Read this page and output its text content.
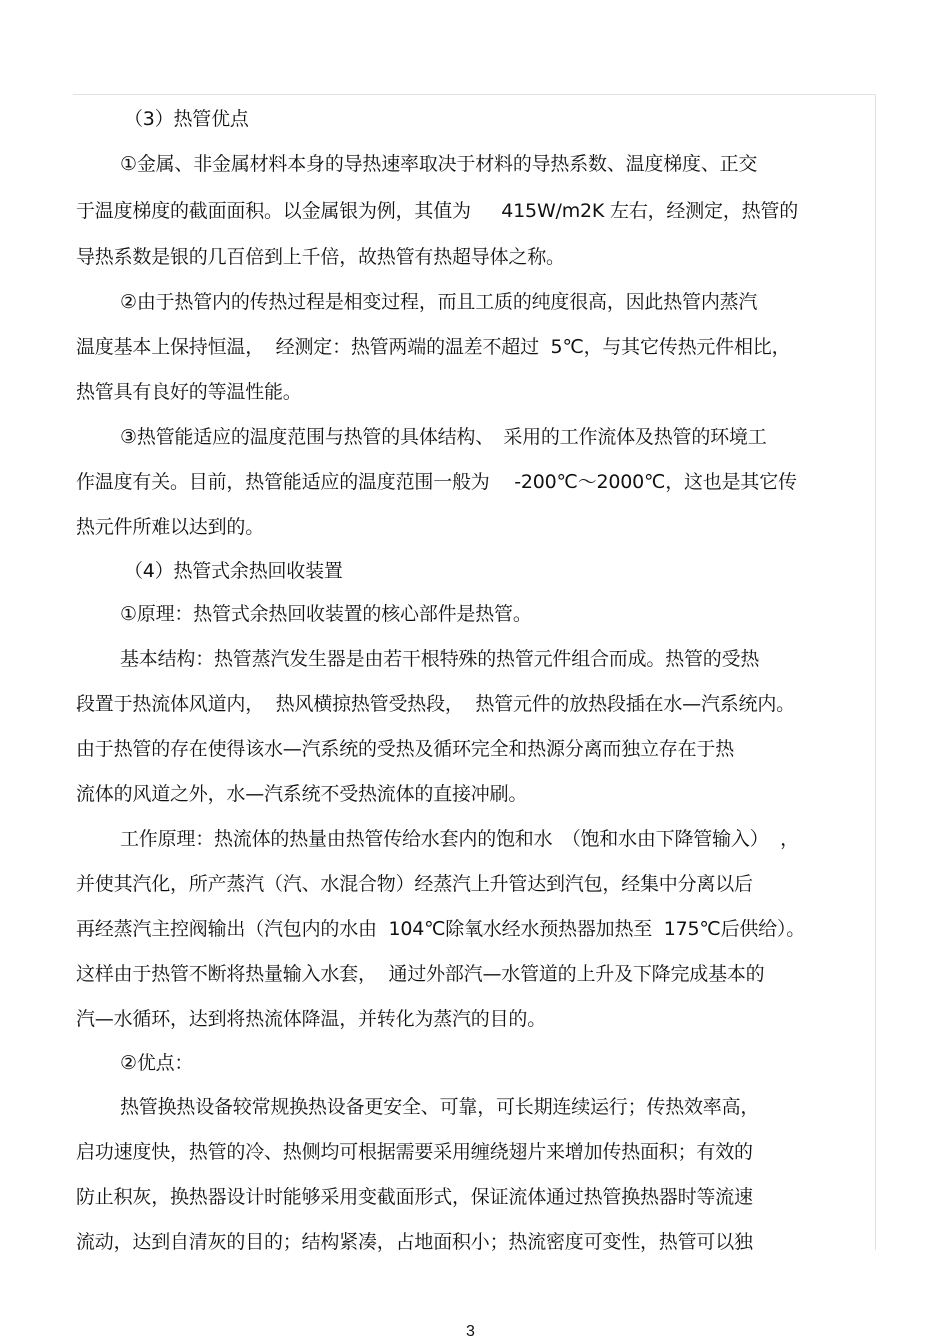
（3）热管优点
①金属、非金属材料本身的导热速率取决于材料的导热系数、温度梯度、正交
于温度梯度的截面面积。以金属银为例，其值为　  415W/m2K 左右，经测定，热管的
导热系数是银的几百倍到上千倍，故热管有热超导体之称。
②由于热管内的传热过程是相变过程，而且工质的纯度很高，因此热管内蒸汽
温度基本上保持恒温，  经测定：热管两端的温差不超过  5℃，与其它传热元件相比，
热管具有良好的等温性能。
③热管能适应的温度范围与热管的具体结构、　采用的工作流体及热管的环境工
作温度有关。目前，热管能适应的温度范围一般为　 -200℃～2000℃，这也是其它传
热元件所难以达到的。
（4）热管式余热回收装置
①原理：热管式余热回收装置的核心部件是热管。
基本结构：热管蒸汽发生器是由若干根特殊的热管元件组合而成。热管的受热
段置于热流体风道内，  热风横掠热管受热段，  热管元件的放热段插在水—汽系统内。
由于热管的存在使得该水—汽系统的受热及循环完全和热源分离而独立存在于热
流体的风道之外，水—汽系统不受热流体的直接冲刷。
工作原理：热流体的热量由热管传给水套内的饱和水　（饱和水由下降管输入）  ，
并使其汽化，所产蒸汽（汽、水混合物）经蒸汽上升管达到汽包，经集中分离以后
再经蒸汽主控阀输出（汽包内的水由  104℃除氧水经水预热器加热至  175℃后供给）。
这样由于热管不断将热量输入水套，  通过外部汽—水管道的上升及下降完成基本的
汽—水循环，达到将热流体降温，并转化为蒸汽的目的。
②优点：
热管换热设备较常规换热设备更安全、可靠，可长期连续运行；传热效率高，
启功速度快，热管的冷、热侧均可根据需要采用缠绕翅片来增加传热面积；有效的
防止积灰，换热器设计时能够采用变截面形式，保证流体通过热管换热器时等流速
流动，达到自清灰的目的；结构紧凑，占地面积小；热流密度可变性，热管可以独
3
